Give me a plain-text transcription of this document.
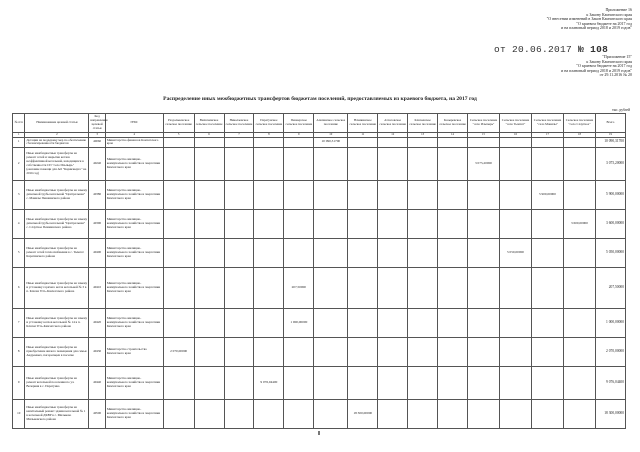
Приложение 16
к Закону Камчатского края
"О внесении изменений в Закон Камчатского края
"О краевом бюджете на 2017 год
и на плановый период 2018 и 2019 годов"
от 20.06.2017 № 108
"Приложение 15"
к Закону Камчатского края
"О краевом бюджете на 2017 год
и на плановый период 2018 и 2019 годов"
от 29.11.2016 № 20
Распределение иных межбюджетных трансфертов бюджетам поселений, предоставляемых из краевого бюджета, на 2017 год
тыс. рублей
№ п/п	Наименование целевой статьи	Код направления целевой статьи	ГРБС	Раздольненское сельское поселение	Вилючинское сельское поселение	Николаевское сельское поселение	Паратунское сельское поселение	Пионерское сельское поселение	Апачинское сельское поселение	Начикинское сельское поселение	Атласовское сельское поселение	Ключевское сельское поселение	Козыревское сельское поселение	Сельское поселение "село Ильпырь"	Сельское поселение "село Тымлат"	Сельское поселение "село Манилы"	Сельское поселение "село Слаутное"	Всего
1	2	3	4	5	6	7	8	9	10	11	12	13	14	15	16	17	18	19
1	Дотации на поддержку мер по обеспечению сбалансированности бюджетов	40060	Министерство финансов Камчатского края						10 090,31700									10 090,31700
2	Иные межбюджетные трансферты на ремонт сетей и закрытие котлов неэффективной котельной, находящихся в собственности СП "село Ильпырь" (оказание помощи для АО "Корякэнерго" на 2016 год)	40240	Министерство жилищно-коммунального хозяйства и энергетики Камчатского края											3 075,20000				3 075,20000
3	Иные межбюджетные трансферты на замену дизельной трубы котельной "Центральная" с. Манилы Пенжинского района	40380	Министерство жилищно-коммунального хозяйства и энергетики Камчатского края													5 900,00000		5 900,00000
4	Иные межбюджетные трансферты на замену дизельной трубы котельной "Центральная" с. Слаутное Пенжинского района	40390	Министерство жилищно-коммунального хозяйства и энергетики Камчатского края														3 600,00000	3 600,00000
5	Иные межбюджетные трансферты на ремонт сетей теплоснабжения в с. Тымлат Карагинского района	40400	Министерство жилищно-коммунального хозяйства и энергетики Камчатского края												5 050,00000			5 050,00000
6	Иные межбюджетные трансферты на замену и установку горячего котла котельной № 3 в п. Ключи Усть-Камчатского района	40410	Министерство жилищно-коммунального хозяйства и энергетики Камчатского края					207,50000										207,50000
7	Иные межбюджетные трансферты на замену и установку котлов котельной № 14 в п. Ключи Усть-Камчатского района	40420	Министерство жилищно-коммунального хозяйства и энергетики Камчатского края					1 000,00000										1 000,00000
8	Иные межбюджетные трансферты на приобретение жилого помещения для семьи Андреевых, погорельцев в поселке	40430	Министерство строительства Камчатского края	2 070,00000														2 070,00000
9	Иные межбюджетные трансферты на ремонт котельной поселения по ул. Вечерняя в с. Паратунка	40440	Министерство жилищно-коммунального хозяйства и энергетики Камчатского края				9 076,04400											9 076,04400
10	Иные межбюджетные трансферты на капитальный ремонт здания котельной № 1 в котельной ДКВР в с. Мильково Мильковского района	40500	Министерство жилищно-коммунального хозяйства и энергетики Камчатского края							18 300,00000								18 300,00000
